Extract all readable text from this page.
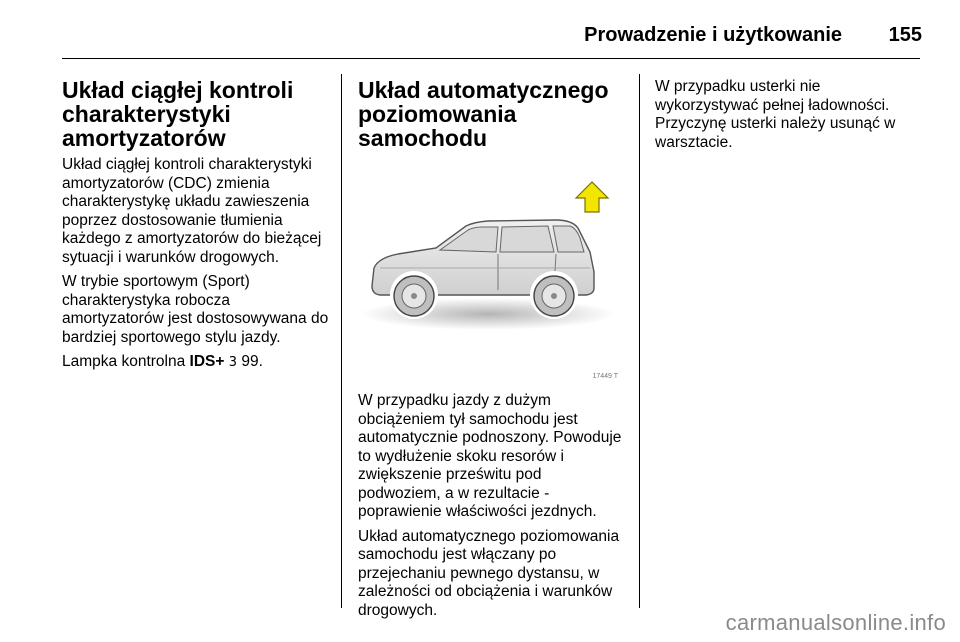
Prowadzenie i użytkowanie 155
Układ ciągłej kontroli charakterystyki amortyzatorów

Układ ciągłej kontroli charakterystyki amortyzatorów (CDC) zmienia charakterystykę układu zawieszenia poprzez dostosowanie tłumienia każdego z amortyzatorów do bieżącej sytuacji i warunków drogowych.

W trybie sportowym (Sport) charakterystyka robocza amortyzatorów jest dostosowywana do bardziej sportowego stylu jazdy.

Lampka kontrolna IDS+ 3 99.

Układ automatycznego poziomowania samochodu
17449 T

W przypadku jazdy z dużym obciążeniem tył samochodu jest automatycznie podnoszony. Powoduje to wydłużenie skoku resorów i zwiększenie prześwitu pod podwoziem, a w rezultacie - poprawienie właściwości jezdnych.

Układ automatycznego poziomowania samochodu jest włączany po przejechaniu pewnego dystansu, w zależności od obciążenia i warunków drogowych.

W przypadku usterki nie wykorzystywać pełnej ładowności. Przyczynę usterki należy usunąć w warsztacie.

carmanualsonline.info
